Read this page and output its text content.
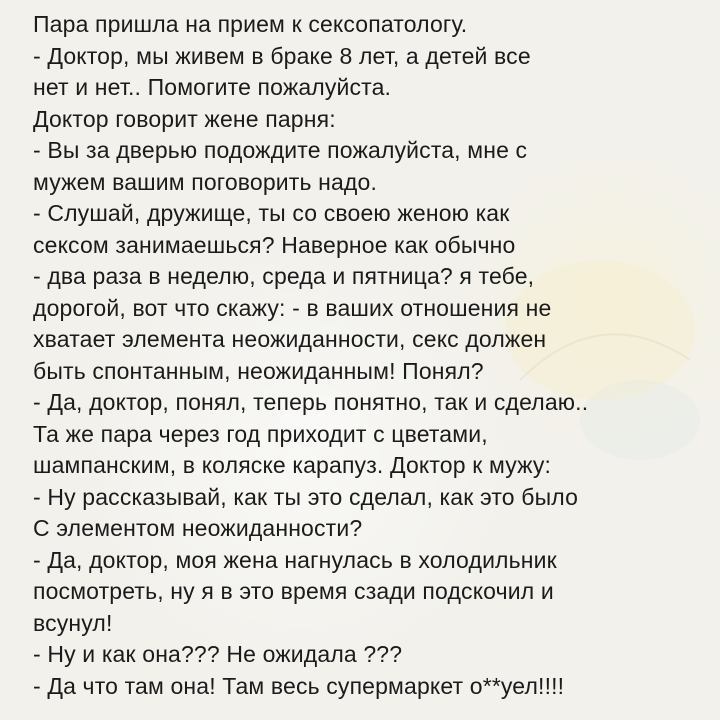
Пара пришла на прием к сексопатологу.
- Доктор, мы живем в браке 8 лет, а детей все
нет и нет.. Помогите пожалуйста.
Доктор говорит жене парня:
- Вы за дверью подождите пожалуйста, мне с
мужем вашим поговорить надо.
- Слушай, дружище, ты со своею женою как
сексом занимаешься? Наверное как обычно
- два раза в неделю, среда и пятница? я тебе,
дорогой, вот что скажу: - в ваших отношения не
хватает элемента неожиданности, секс должен
быть спонтанным, неожиданным! Понял?
- Да, доктор, понял, теперь понятно, так и сделаю..
Та же пара через год приходит с цветами,
шампанским, в коляске карапуз. Доктор к мужу:
- Ну рассказывай, как ты это сделал, как это было
С элементом неожиданности?
- Да, доктор, моя жена нагнулась в холодильник
посмотреть, ну я в это время сзади подскочил и
всунул!
- Ну и как она??? Не ожидала ???
- Да что там она! Там весь супермаркет о**уел!!!!
